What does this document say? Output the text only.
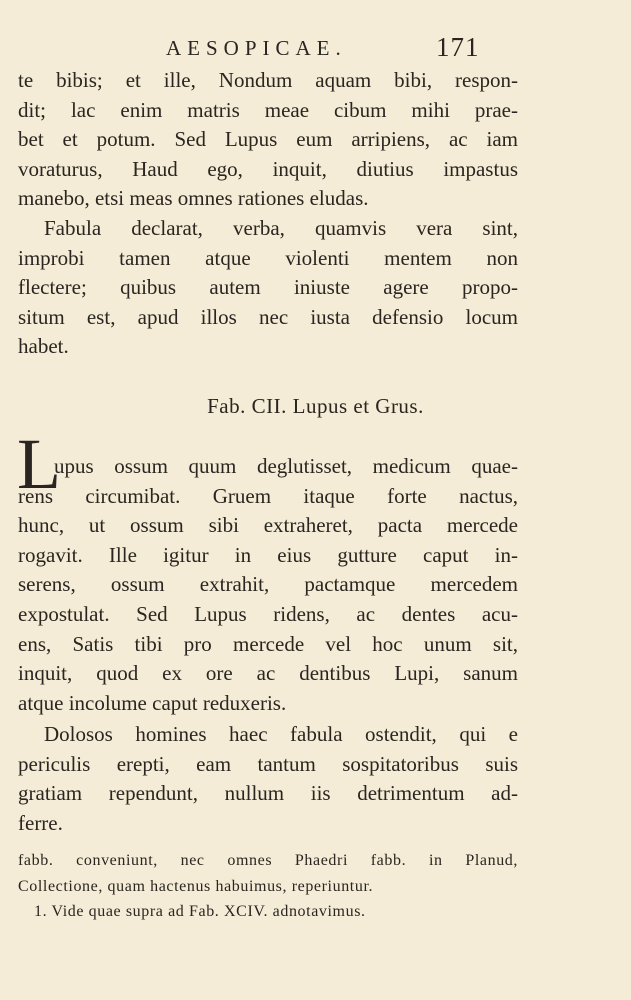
AESOPICAE.	171
te bibis; et ille, Nondum aquam bibi, respon-
dit; lac enim matris meae cibum mihi prae-
bet et potum. Sed Lupus eum arripiens, ac iam
voraturus, Haud ego, inquit, diutius impastus
manebo, etsi meas omnes rationes eludas.
Fabula declarat, verba, quamvis vera sint,
improbi tamen atque violenti mentem non
flectere; quibus autem iniuste agere propo-
situm est, apud illos nec iusta defensio locum
habet.
Fab. CII. Lupus et Grus.
L
upus ossum quum deglutisset, medicum quae-
rens circumibat. Gruem itaque forte nactus,
hunc, ut ossum sibi extraheret, pacta mercede
rogavit. Ille igitur in eius gutture caput in-
serens, ossum extrahit, pactamque mercedem
expostulat. Sed Lupus ridens, ac dentes acu-
ens, Satis tibi pro mercede vel hoc unum sit,
inquit, quod ex ore ac dentibus Lupi, sanum
atque incolume caput reduxeris.
Dolosos homines haec fabula ostendit, qui e
periculis erepti, eam tantum sospitatoribus suis
gratiam rependunt, nullum iis detrimentum ad-
ferre.
fabb. conveniunt, nec omnes Phaedri fabb. in Planud,
Collectione, quam hactenus habuimus, reperiuntur.
1. Vide quae supra ad Fab. XCIV. adnotavimus.
